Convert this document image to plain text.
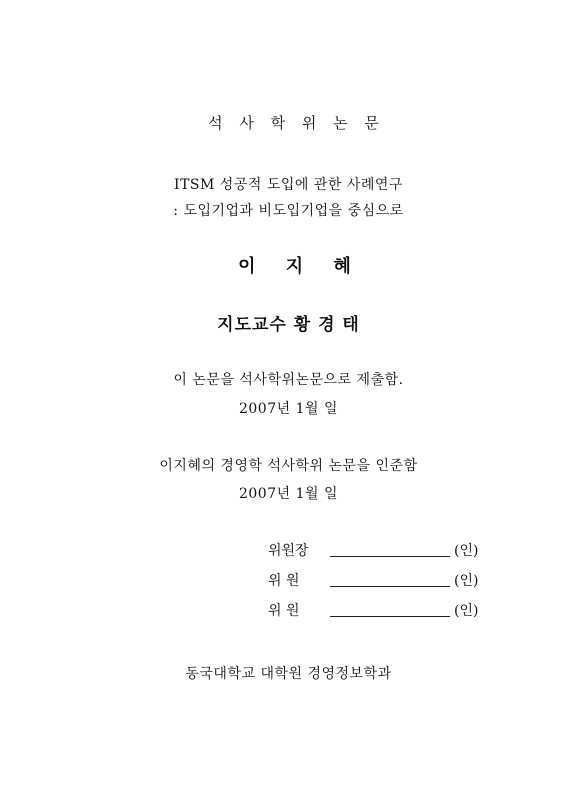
석 사 학 위 논 문
ITSM 성공적 도입에 관한 사례연구
: 도입기업과 비도입기업을 중심으로
이 지 혜
지도교수 황 경 태
이 논문을 석사학위논문으로 제출함.
2007년 1월 일
이지혜의 경영학 석사학위 논문을 인준함
2007년 1월 일
위원장	(인)
위 원	(인)
위 원	(인)
동국대학교 대학원 경영정보학과
